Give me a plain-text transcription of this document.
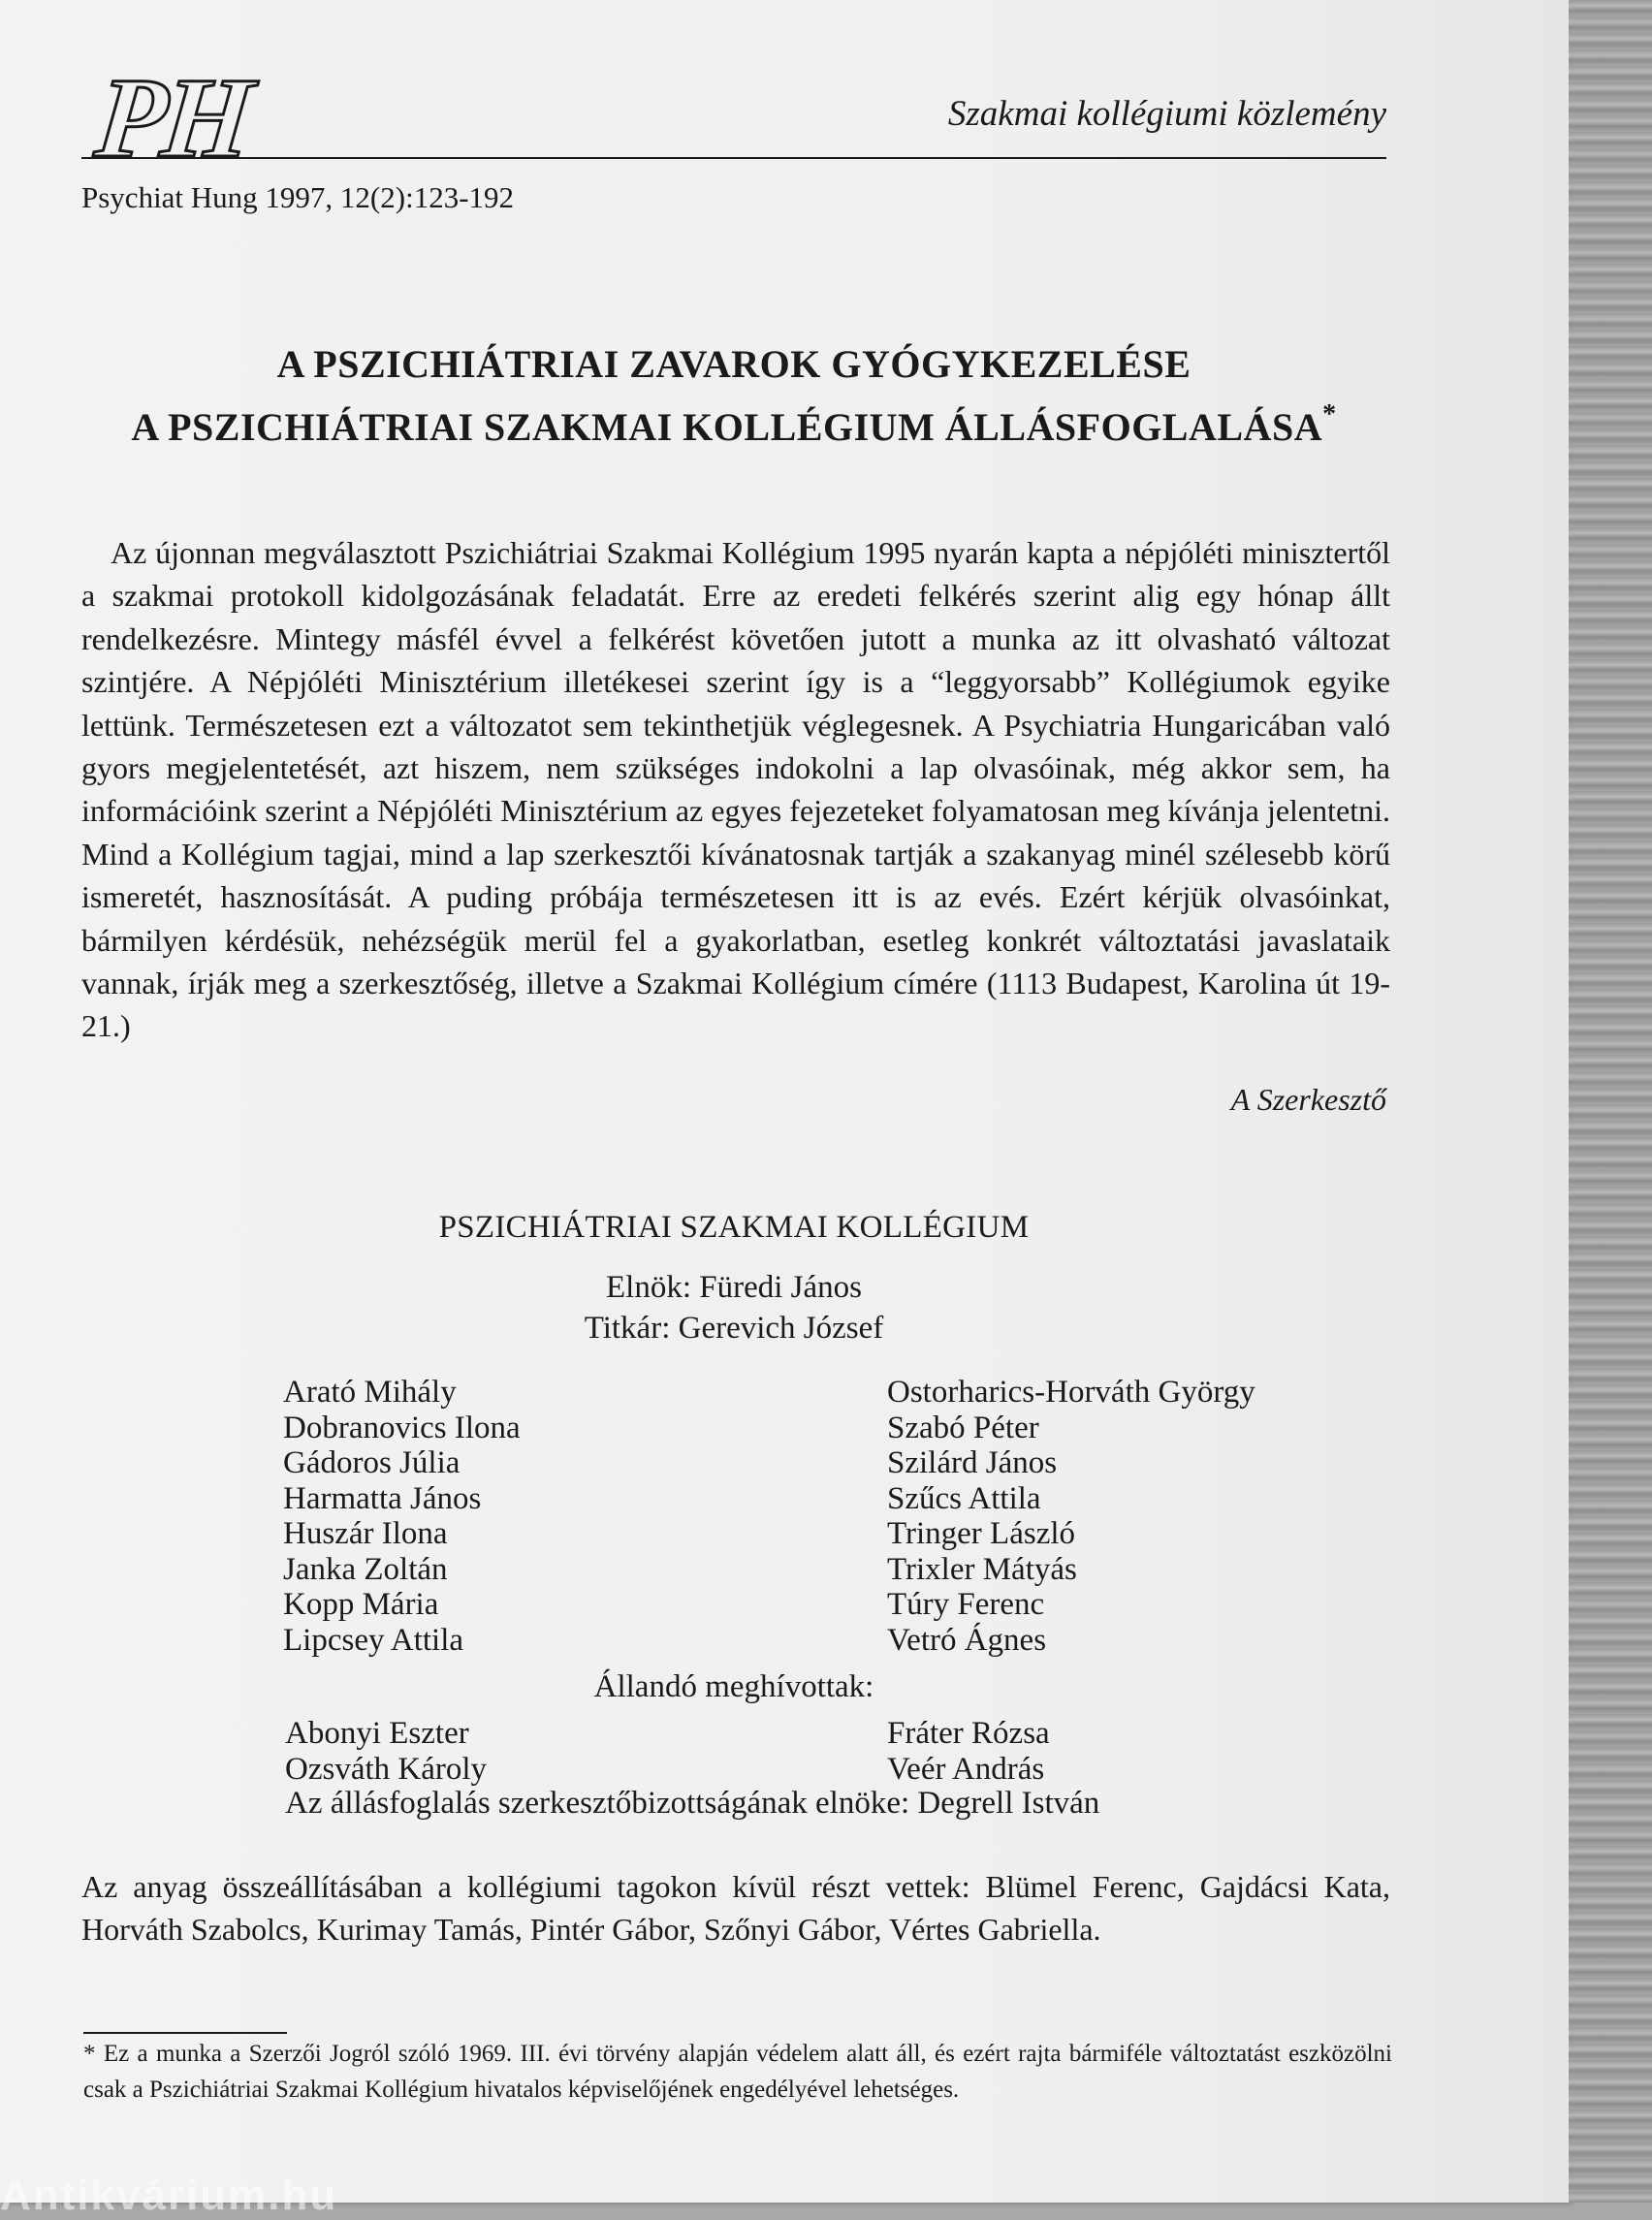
PH	Szakmai kollégiumi közlemény
Psychiat Hung 1997, 12(2):123-192
A PSZICHIÁTRIAI ZAVAROK GYÓGYKEZELÉSE
A PSZICHIÁTRIAI SZAKMAI KOLLÉGIUM ÁLLÁSFOGLALÁSA*

Az újonnan megválasztott Pszichiátriai Szakmai Kollégium 1995 nyarán kapta a népjóléti minisztertől a szakmai protokoll kidolgozásának feladatát. Erre az eredeti felkérés szerint alig egy hónap állt rendelkezésre. Mintegy másfél évvel a felkérést követően jutott a munka az itt olvasható változat szintjére. A Népjóléti Minisztérium illetékesei szerint így is a “leggyorsabb” Kollégiumok egyike lettünk. Természetesen ezt a változatot sem tekinthetjük véglegesnek. A Psychiatria Hungaricában való gyors megjelentetését, azt hiszem, nem szükséges indokolni a lap olvasóinak, még akkor sem, ha információink szerint a Népjóléti Minisztérium az egyes fejezeteket folyamatosan meg kívánja jelentetni. Mind a Kollégium tagjai, mind a lap szerkesztői kívánatosnak tartják a szakanyag minél szélesebb körű ismeretét, hasznosítását. A puding próbája természetesen itt is az evés. Ezért kérjük olvasóinkat, bármilyen kérdésük, nehézségük merül fel a gyakorlatban, esetleg konkrét változtatási javaslataik vannak, írják meg a szerkesztőség, illetve a Szakmai Kollégium címére (1113 Budapest, Karolina út 19-21.)

A Szerkesztő
PSZICHIÁTRIAI SZAKMAI KOLLÉGIUM
Elnök: Füredi János
Titkár: Gerevich József
Arató Mihály
Dobranovics Ilona
Gádoros Júlia
Harmatta János
Huszár Ilona
Janka Zoltán
Kopp Mária
Lipcsey Attila
Ostorharics-Horváth György
Szabó Péter
Szilárd János
Szűcs Attila
Tringer László
Trixler Mátyás
Túry Ferenc
Vetró Ágnes
Állandó meghívottak:
Abonyi Eszter
Ozsváth Károly
Fráter Rózsa
Veér András
Az állásfoglalás szerkesztőbizottságának elnöke: Degrell István

Az anyag összeállításában a kollégiumi tagokon kívül részt vettek: Blümel Ferenc, Gajdácsi Kata, Horváth Szabolcs, Kurimay Tamás, Pintér Gábor, Szőnyi Gábor, Vértes Gabriella.

* Ez a munka a Szerzői Jogról szóló 1969. III. évi törvény alapján védelem alatt áll, és ezért rajta bármiféle változtatást eszközölni csak a Pszichiátriai Szakmai Kollégium hivatalos képviselőjének engedélyével lehetséges.

Antikvárium.hu
